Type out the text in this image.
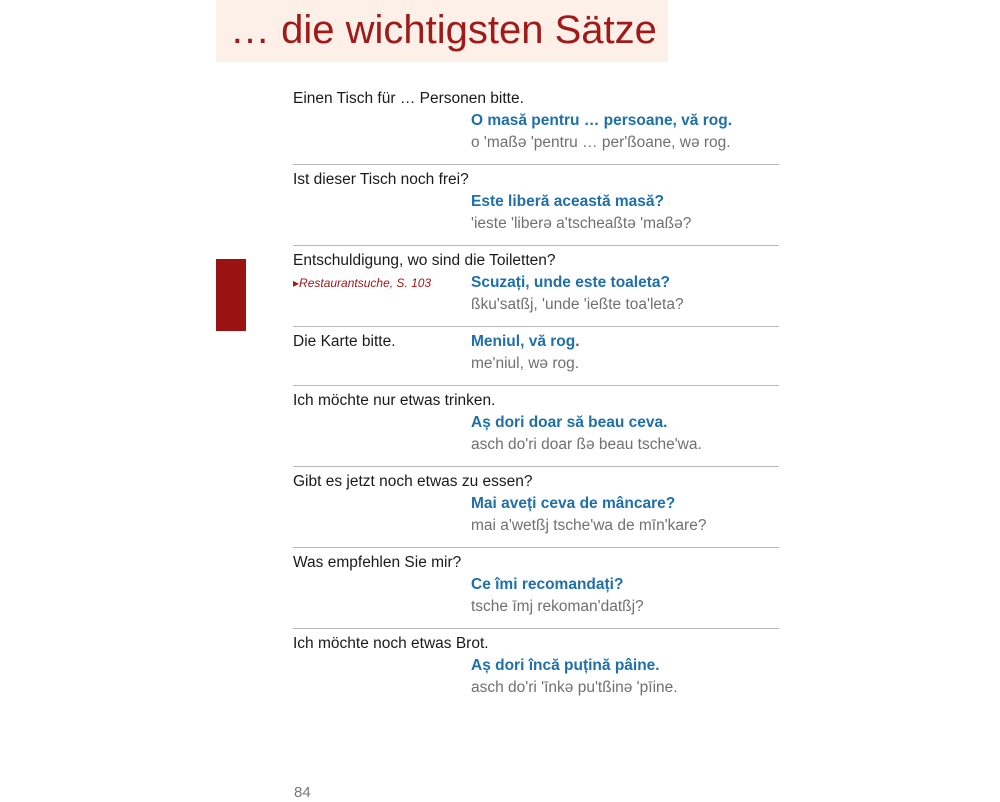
… die wichtigsten Sätze
Einen Tisch für … Personen bitte.
O masă pentru … persoane, vă rog.
o 'maßə 'pentru … per'ßoane, wə rog.
Ist dieser Tisch noch frei?
Este liberă această masă?
'ieste 'liberə a'tscheaßtə 'maßə?
Entschuldigung, wo sind die Toiletten?
▸Restaurantsuche, S. 103	Scuzați, unde este toaleta?
ßku'satßj, 'unde 'ießte toa'leta?
Die Karte bitte.	Meniul, vă rog.
me'niul, wə rog.
Ich möchte nur etwas trinken.
Aș dori doar să beau ceva.
asch do'ri doar ßə beau tsche'wa.
Gibt es jetzt noch etwas zu essen?
Mai aveți ceva de mâncare?
mai a'wetßj tsche'wa de mīn'kare?
Was empfehlen Sie mir?
Ce îmi recomandați?
tsche īmj rekoman'datßj?
Ich möchte noch etwas Brot.
Aș dori încă puțină pâine.
asch do'ri 'īnkə pu'tßinə 'pīine.
84
